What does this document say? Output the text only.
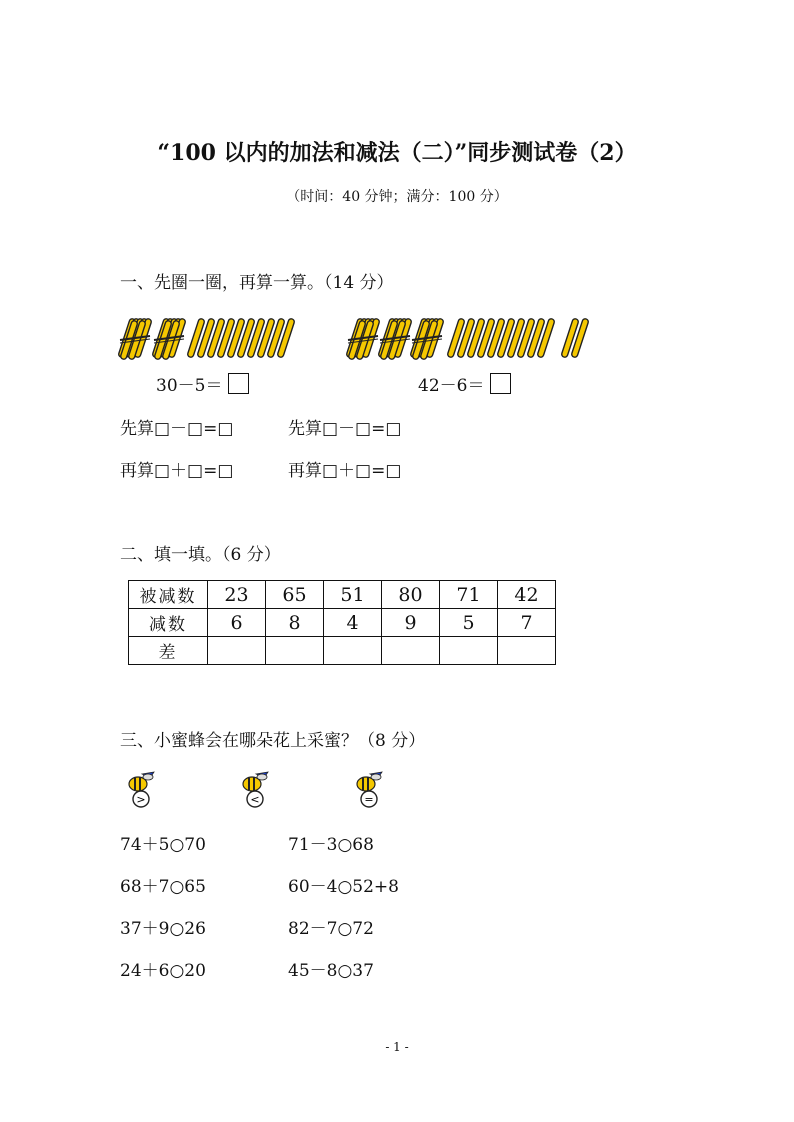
“100 以内的加法和减法（二）”同步测试卷（2）
（时间：40 分钟；满分：100 分）
一、先圈一圈，再算一算。（14 分）
30－5＝	42－6＝
先算□－□=□	先算□－□=□
再算□＋□=□	再算□＋□=□
二、填一填。（6 分）
被减数	23	65	51	80	71	42
减数	6	8	4	9	5	7
差						
三、小蜜蜂会在哪朵花上采蜜？（8 分）
>	<	=
74＋5○70
68＋7○65
37＋9○26
24＋6○20
71－3○68
60－4○52+8
82－7○72
45－8○37
- 1 -
